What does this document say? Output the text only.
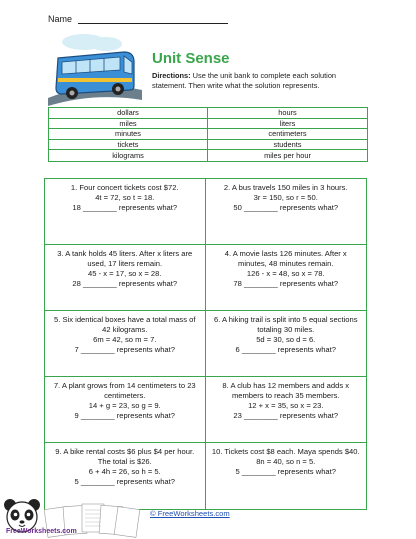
Name
Unit Sense
Directions: Use the unit bank to complete each solution statement. Then write what the solution represents.
dollars	hours
miles	liters
minutes	centimeters
tickets	students
kilograms	miles per hour
1. Four concert tickets cost $72.
4t = 72, so t = 18.
18 ________ represents what?
2. A bus travels 150 miles in 3 hours.
3r = 150, so r = 50.
50 ________ represents what?
3. A tank holds 45 liters. After x liters are used, 17 liters remain.
45 - x = 17, so x = 28.
28 ________ represents what?
4. A movie lasts 126 minutes. After x minutes, 48 minutes remain.
126 - x = 48, so x = 78.
78 ________ represents what?
5. Six identical boxes have a total mass of 42 kilograms.
6m = 42, so m = 7.
7 ________ represents what?
6. A hiking trail is split into 5 equal sections totaling 30 miles.
5d = 30, so d = 6.
6 ________ represents what?
7. A plant grows from 14 centimeters to 23 centimeters.
14 + g = 23, so g = 9.
9 ________ represents what?
8. A club has 12 members and adds x members to reach 35 members.
12 + x = 35, so x = 23.
23 ________ represents what?
9. A bike rental costs $6 plus $4 per hour. The total is $26.
6 + 4h = 26, so h = 5.
5 ________ represents what?
10. Tickets cost $8 each. Maya spends $40.
8n = 40, so n = 5.
5 ________ represents what?
FreeWorksheets.com
© FreeWorksheets.com
